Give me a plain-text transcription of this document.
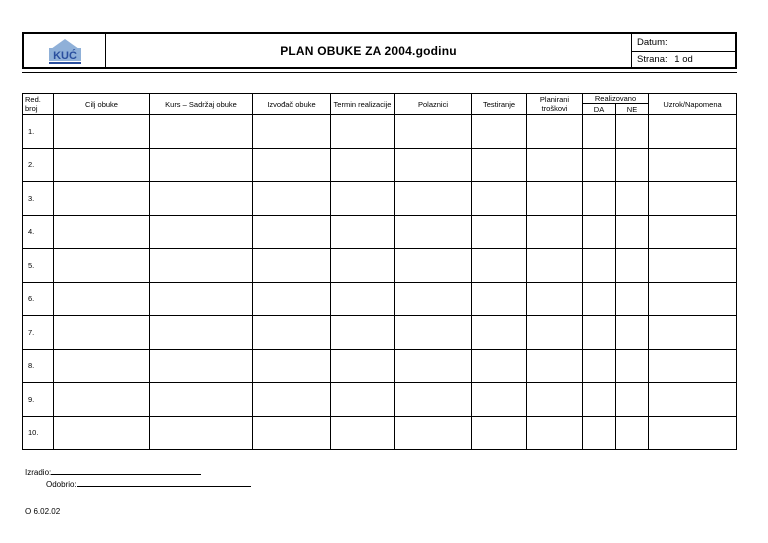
KUĆ	PLAN OBUKE ZA 2004.godinu
Datum:
Strana: 1 od
Red. broj	Cilj obuke	Kurs – Sadržaj obuke	Izvođač obuke	Termin realizacije	Polaznici	Testiranje	Planirani troškovi	Realizovano		Uzrok/Napomena
								DA	NE	
1.										
2.										
3.										
4.										
5.										
6.										
7.										
8.										
9.										
10.										
Izradio:
Odobrio:
O 6.02.02
